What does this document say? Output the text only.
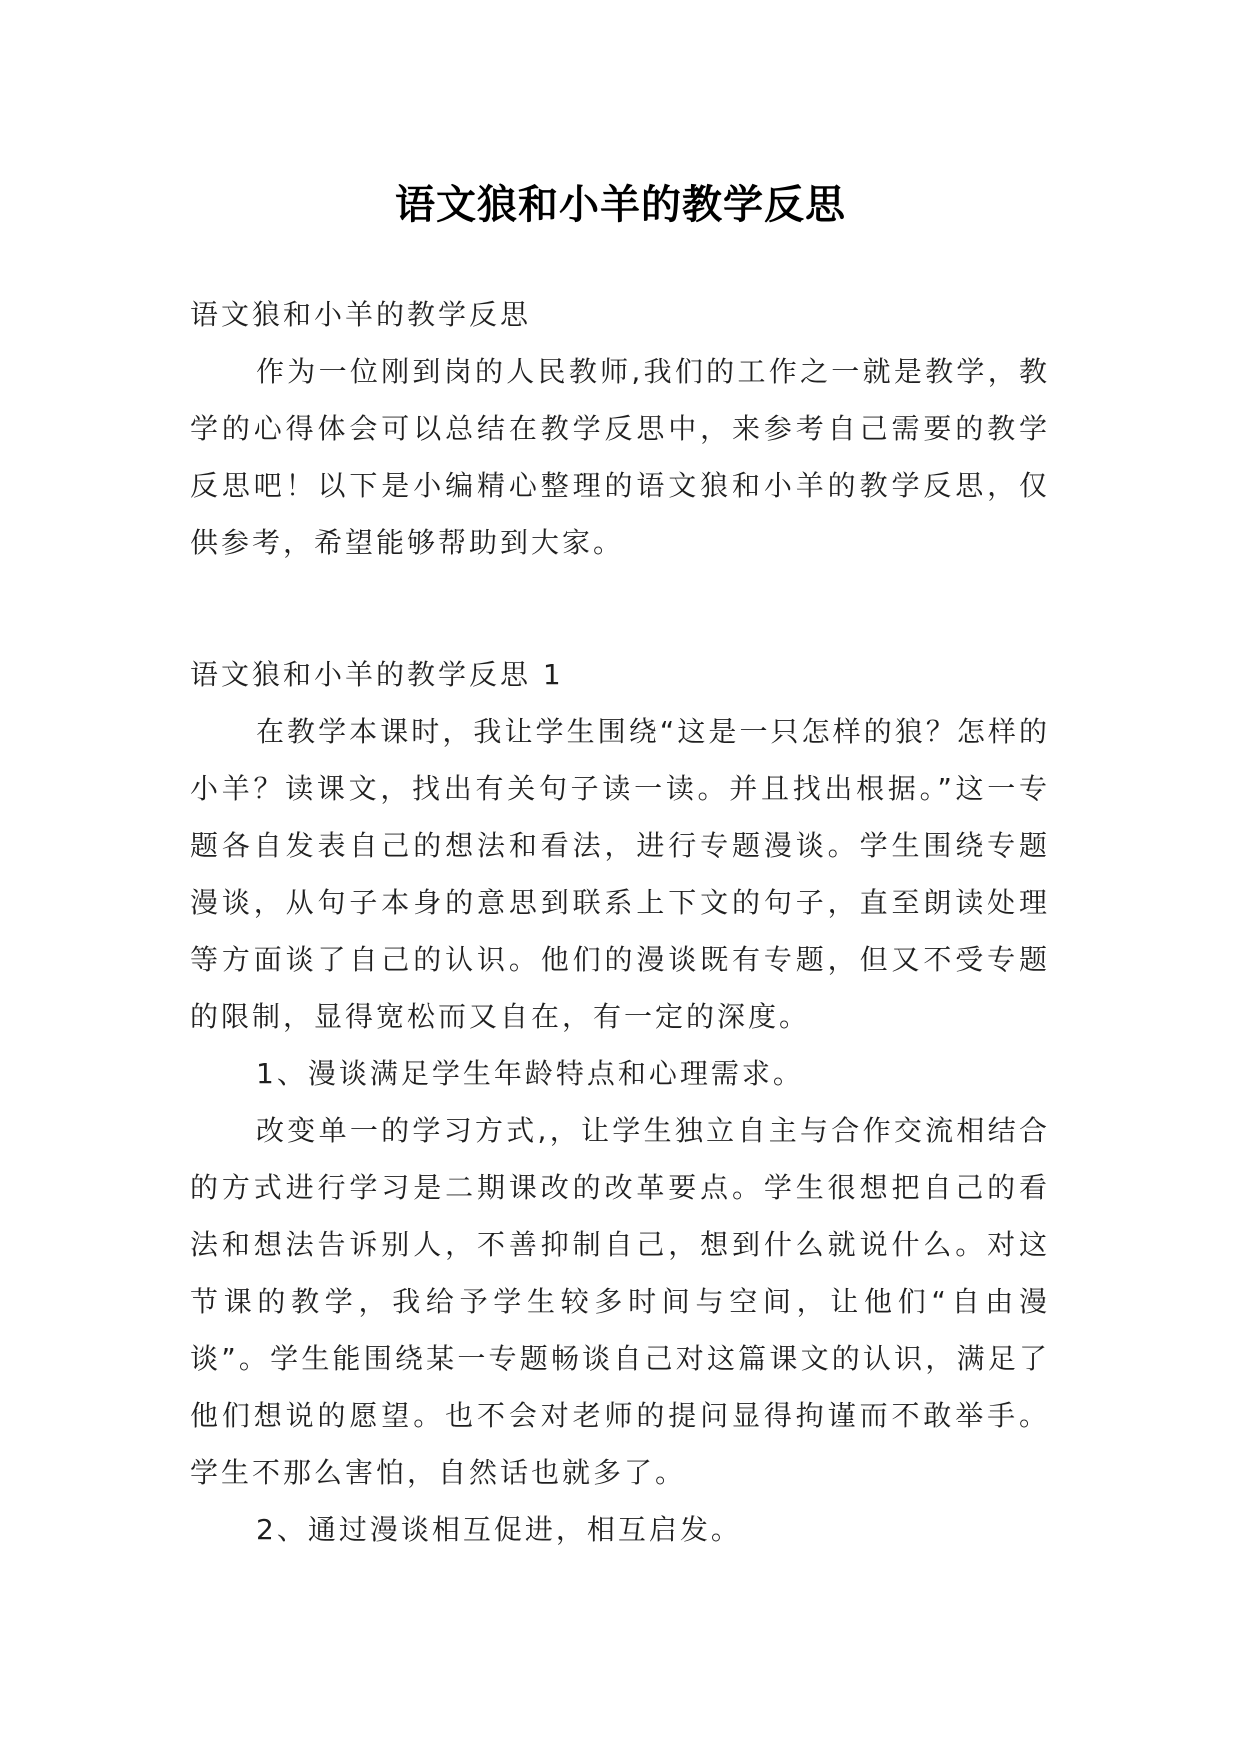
语文狼和小羊的教学反思

语文狼和小羊的教学反思

作为一位刚到岗的人民教师,我们的工作之一就是教学，教学的心得体会可以总结在教学反思中，来参考自己需要的教学反思吧！以下是小编精心整理的语文狼和小羊的教学反思，仅供参考，希望能够帮助到大家。

语文狼和小羊的教学反思 1

在教学本课时，我让学生围绕“这是一只怎样的狼？怎样的小羊？读课文，找出有关句子读一读。并且找出根据。”这一专题各自发表自己的想法和看法，进行专题漫谈。学生围绕专题漫谈，从句子本身的意思到联系上下文的句子，直至朗读处理等方面谈了自己的认识。他们的漫谈既有专题，但又不受专题的限制，显得宽松而又自在，有一定的深度。

1、漫谈满足学生年龄特点和心理需求。

改变单一的学习方式,，让学生独立自主与合作交流相结合的方式进行学习是二期课改的改革要点。学生很想把自己的看法和想法告诉别人，不善抑制自己，想到什么就说什么。对这节课的教学，我给予学生较多时间与空间，让他们“自由漫谈”。学生能围绕某一专题畅谈自己对这篇课文的认识，满足了他们想说的愿望。也不会对老师的提问显得拘谨而不敢举手。学生不那么害怕，自然话也就多了。

2、通过漫谈相互促进，相互启发。
